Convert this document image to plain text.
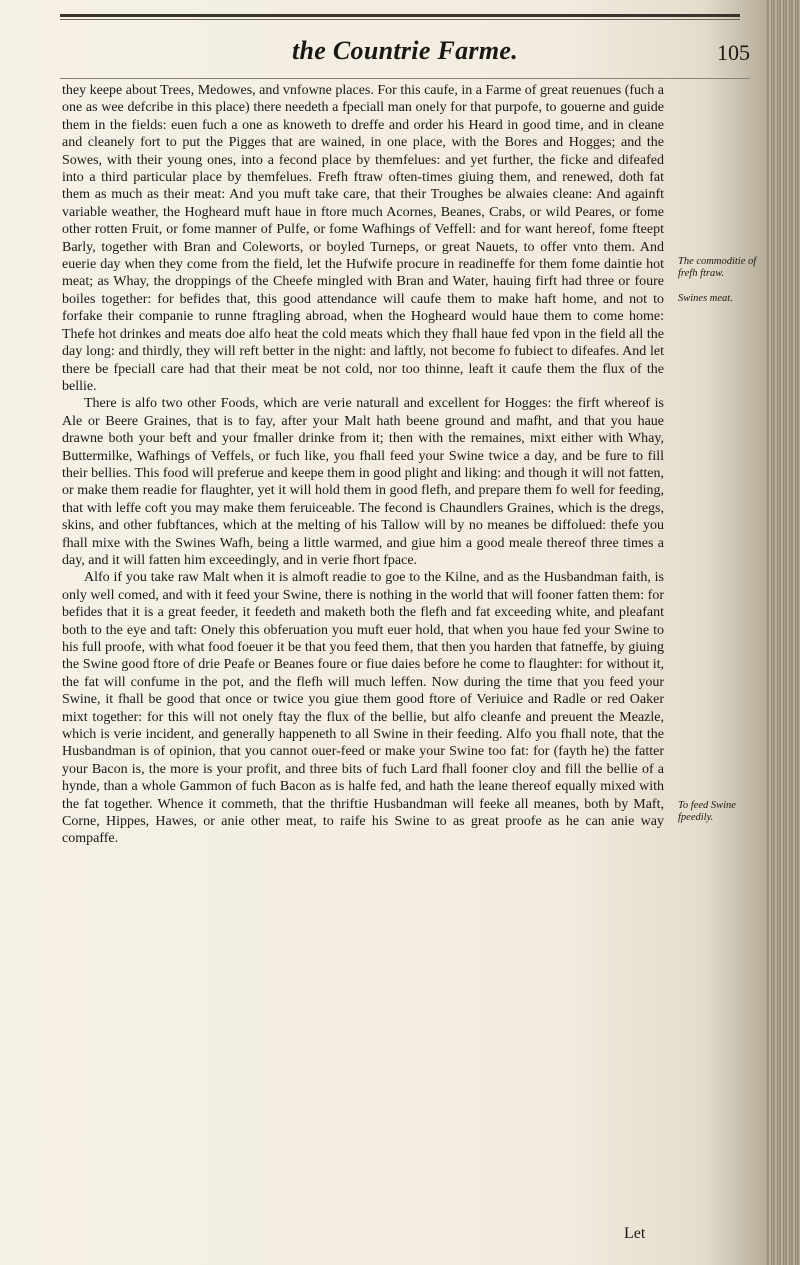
the Countrie Farme.	105

they keepe about Trees, Medowes, and vnfowne places. For this caufe, in a Farme of great reuenues (fuch a one as wee defcribe in this place) there needeth a fpeciall man onely for that purpofe, to gouerne and guide them in the fields: euen fuch a one as knoweth to dreffe and order his Heard in good time, and in cleane and cleanely fort to put the Pigges that are wained, in one place, with the Bores and Hogges; and the Sowes, with their young ones, into a fecond place by themfelues: and yet further, the ficke and difeafed into a third particular place by themfelues. Frefh ftraw often-times giuing them, and renewed, doth fat them as much as their meat: And you muft take care, that their Troughes be alwaies cleane: And againft variable weather, the Hogheard muft haue in ftore much Acornes, Beanes, Crabs, or wild Peares, or fome other rotten Fruit, or fome manner of Pulfe, or fome Wafhings of Veffell: and for want hereof, fome fteept Barly, together with Bran and Coleworts, or boyled Turneps, or great Nauets, to offer vnto them. And euerie day when they come from the field, let the Hufwife procure in readineffe for them fome daintie hot meat; as Whay, the droppings of the Cheefe mingled with Bran and Water, hauing firft had three or foure boiles together: for befides that, this good attendance will caufe them to make haft home, and not to forfake their companie to runne ftragling abroad, when the Hogheard would haue them to come home: Thefe hot drinkes and meats doe alfo heat the cold meats which they fhall haue fed vpon in the field all the day long: and thirdly, they will reft better in the night: and laftly, not become fo fubiect to difeafes. And let there be fpeciall care had that their meat be not cold, nor too thinne, leaft it caufe them the flux of the bellie.

There is alfo two other Foods, which are verie naturall and excellent for Hogges: the firft whereof is Ale or Beere Graines, that is to fay, after your Malt hath beene ground and mafht, and that you haue drawne both your beft and your fmaller drinke from it; then with the remaines, mixt either with Whay, Buttermilke, Wafhings of Veffels, or fuch like, you fhall feed your Swine twice a day, and be fure to fill their bellies. This food will preferue and keepe them in good plight and liking: and though it will not fatten, or make them readie for flaughter, yet it will hold them in good flefh, and prepare them fo well for feeding, that with leffe coft you may make them feruiceable. The fecond is Chaundlers Graines, which is the dregs, skins, and other fubftances, which at the melting of his Tallow will by no meanes be diffolued: thefe you fhall mixe with the Swines Wafh, being a little warmed, and giue him a good meale thereof three times a day, and it will fatten him exceedingly, and in verie fhort fpace.

Alfo if you take raw Malt when it is almoft readie to goe to the Kilne, and as the Husbandman faith, is only well comed, and with it feed your Swine, there is nothing in the world that will fooner fatten them: for befides that it is a great feeder, it feedeth and maketh both the flefh and fat exceeding white, and pleafant both to the eye and taft: Onely this obferuation you muft euer hold, that when you haue fed your Swine to his full proofe, with what food foeuer it be that you feed them, that then you harden that fatneffe, by giuing the Swine good ftore of drie Peafe or Beanes foure or fiue daies before he come to flaughter: for without it, the fat will confume in the pot, and the flefh will much leffen. Now during the time that you feed your Swine, it fhall be good that once or twice you giue them good ftore of Veriuice and Radle or red Oaker mixt together: for this will not onely ftay the flux of the bellie, but alfo cleanfe and preuent the Meazle, which is verie incident, and generally happeneth to all Swine in their feeding. Alfo you fhall note, that the Husbandman is of opinion, that you cannot ouer-feed or make your Swine too fat: for (fayth he) the fatter your Bacon is, the more is your profit, and three bits of fuch Lard fhall fooner cloy and fill the bellie of a hynde, than a whole Gammon of fuch Bacon as is halfe fed, and hath the leane thereof equally mixed with the fat together. Whence it commeth, that the thriftie Husbandman will feeke all meanes, both by Maft, Corne, Hippes, Hawes, or anie other meat, to raife his Swine to as great proofe as he can anie way compaffe.

The commoditie of frefh ftraw.
Swines meat.
To feed Swine fpeedily.
Let
